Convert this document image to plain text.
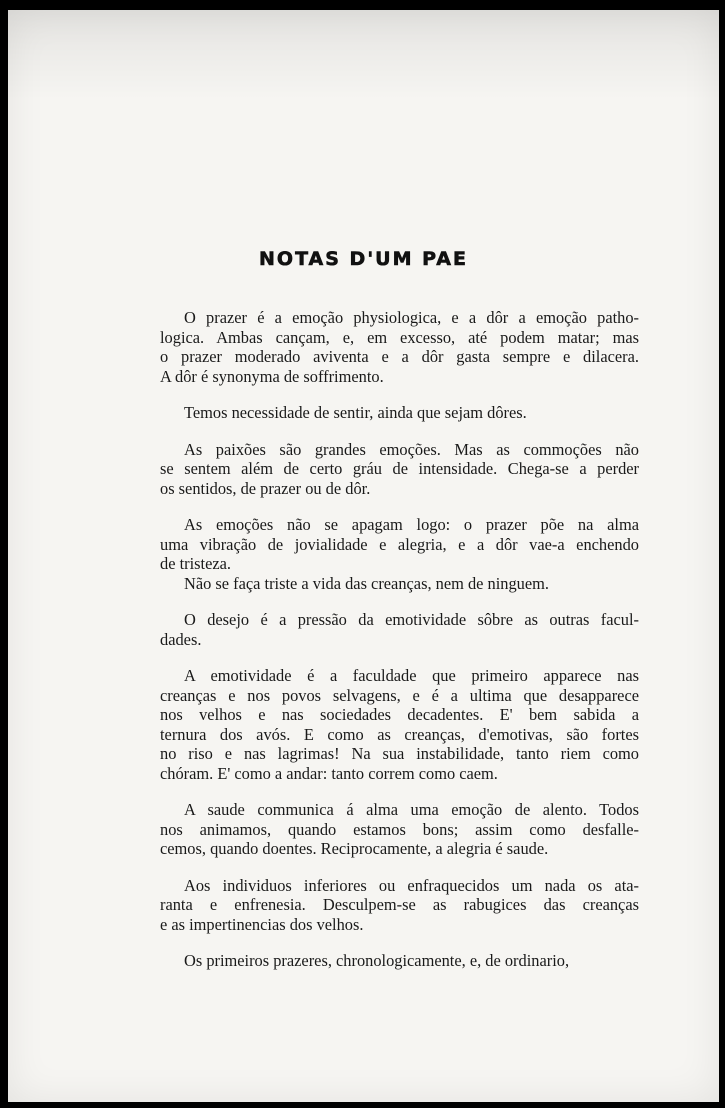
NOTAS D'UM PAE

O prazer é a emoção physiologica, e a dôr a emoção patho-
logica. Ambas cançam, e, em excesso, até podem matar; mas
o prazer moderado aviventa e a dôr gasta sempre e dilacera.
A dôr é synonyma de soffrimento.

Temos necessidade de sentir, ainda que sejam dôres.

As paixões são grandes emoções. Mas as commoções não
se sentem além de certo gráu de intensidade. Chega-se a perder
os sentidos, de prazer ou de dôr.

As emoções não se apagam logo: o prazer põe na alma
uma vibração de jovialidade e alegria, e a dôr vae-a enchendo
de tristeza.

Não se faça triste a vida das creanças, nem de ninguem.

O desejo é a pressão da emotividade sôbre as outras facul-
dades.

A emotividade é a faculdade que primeiro apparece nas
creanças e nos povos selvagens, e é a ultima que desapparece
nos velhos e nas sociedades decadentes. E' bem sabida a
ternura dos avós. E como as creanças, d'emotivas, são fortes
no riso e nas lagrimas! Na sua instabilidade, tanto riem como
chóram. E' como a andar: tanto correm como caem.

A saude communica á alma uma emoção de alento. Todos
nos animamos, quando estamos bons; assim como desfalle-
cemos, quando doentes. Reciprocamente, a alegria é saude.

Aos individuos inferiores ou enfraquecidos um nada os ata-
ranta e enfrenesia. Desculpem-se as rabugices das creanças
e as impertinencias dos velhos.

Os primeiros prazeres, chronologicamente, e, de ordinario,
